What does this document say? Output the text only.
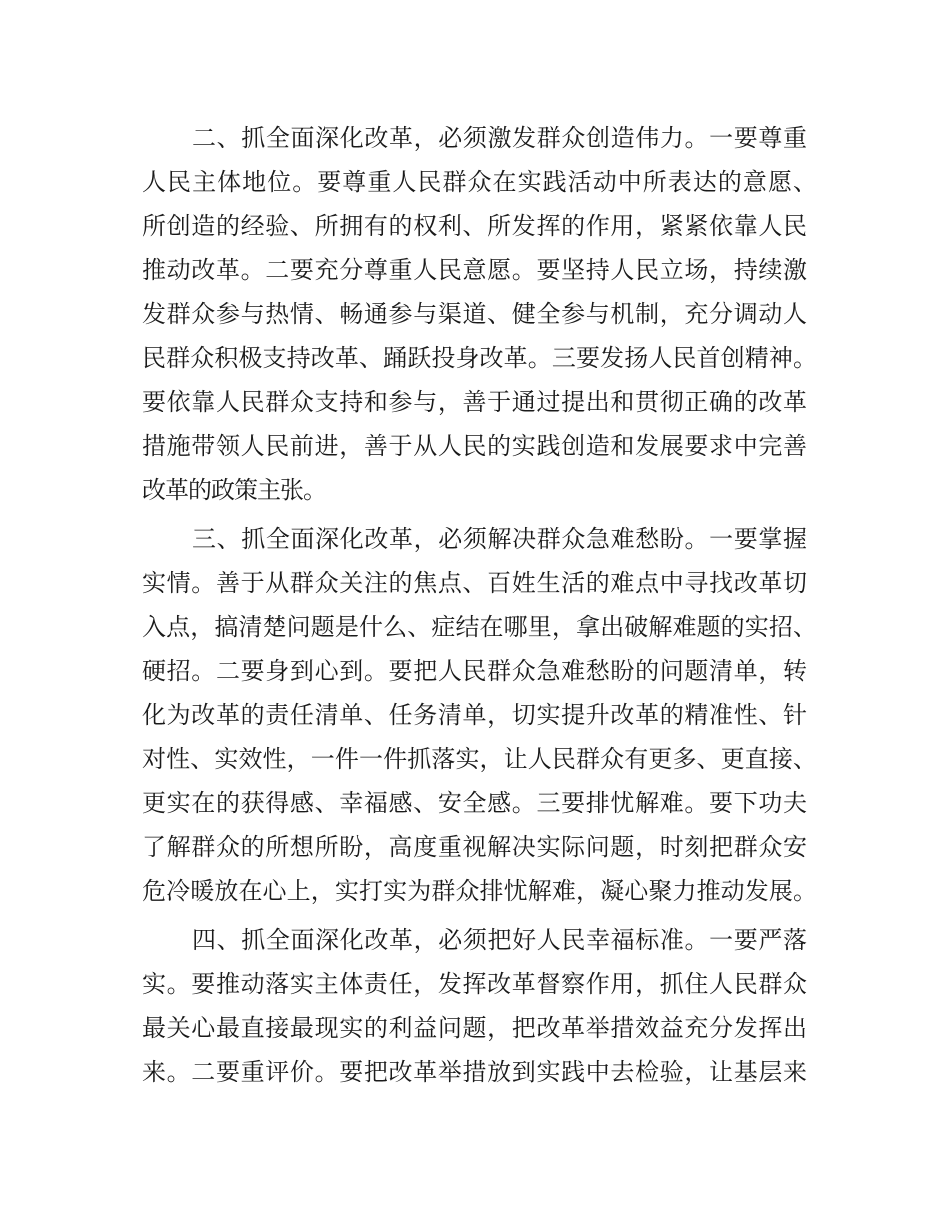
二、抓全面深化改革，必须激发群众创造伟力。一要尊重
人民主体地位。要尊重人民群众在实践活动中所表达的意愿、
所创造的经验、所拥有的权利、所发挥的作用，紧紧依靠人民
推动改革。二要充分尊重人民意愿。要坚持人民立场，持续激
发群众参与热情、畅通参与渠道、健全参与机制，充分调动人
民群众积极支持改革、踊跃投身改革。三要发扬人民首创精神。
要依靠人民群众支持和参与，善于通过提出和贯彻正确的改革
措施带领人民前进，善于从人民的实践创造和发展要求中完善
改革的政策主张。
三、抓全面深化改革，必须解决群众急难愁盼。一要掌握
实情。善于从群众关注的焦点、百姓生活的难点中寻找改革切
入点，搞清楚问题是什么、症结在哪里，拿出破解难题的实招、
硬招。二要身到心到。要把人民群众急难愁盼的问题清单，转
化为改革的责任清单、任务清单，切实提升改革的精准性、针
对性、实效性，一件一件抓落实，让人民群众有更多、更直接、
更实在的获得感、幸福感、安全感。三要排忧解难。要下功夫
了解群众的所想所盼，高度重视解决实际问题，时刻把群众安
危冷暖放在心上，实打实为群众排忧解难，凝心聚力推动发展。
四、抓全面深化改革，必须把好人民幸福标准。一要严落
实。要推动落实主体责任，发挥改革督察作用，抓住人民群众
最关心最直接最现实的利益问题，把改革举措效益充分发挥出
来。二要重评价。要把改革举措放到实践中去检验，让基层来
